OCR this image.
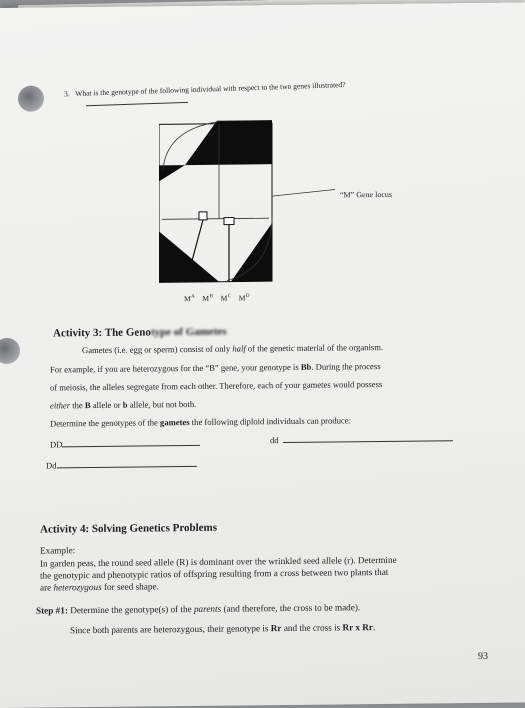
3. What is the genotype of the following individual with respect to the two genes illustrated?
“M” Gene locus
$M^A$ $M^B$ $M^C$ $M^D$
Activity 3: The Genotype of Gametes
Gametes (i.e. egg or sperm) consist of only half of the genetic material of the organism.
For example, if you are heterozygous for the “B” gene, your genotype is Bb. During the process
of meiosis, the alleles segregate from each other. Therefore, each of your gametes would possess
either the B allele or b allele, but not both.
Determine the genotypes of the gametes the following diploid individuals can produce:
DD	dd
Dd
Activity 4: Solving Genetics Problems
Example:
In garden peas, the round seed allele (R) is dominant over the wrinkled seed allele (r). Determine
the genotypic and phenotypic ratios of offspring resulting from a cross between two plants that
are heterozygous for seed shape.
Step #1: Determine the genotype(s) of the parents (and therefore, the cross to be made).
Since both parents are heterozygous, their genotype is Rr and the cross is Rr x Rr.
93
